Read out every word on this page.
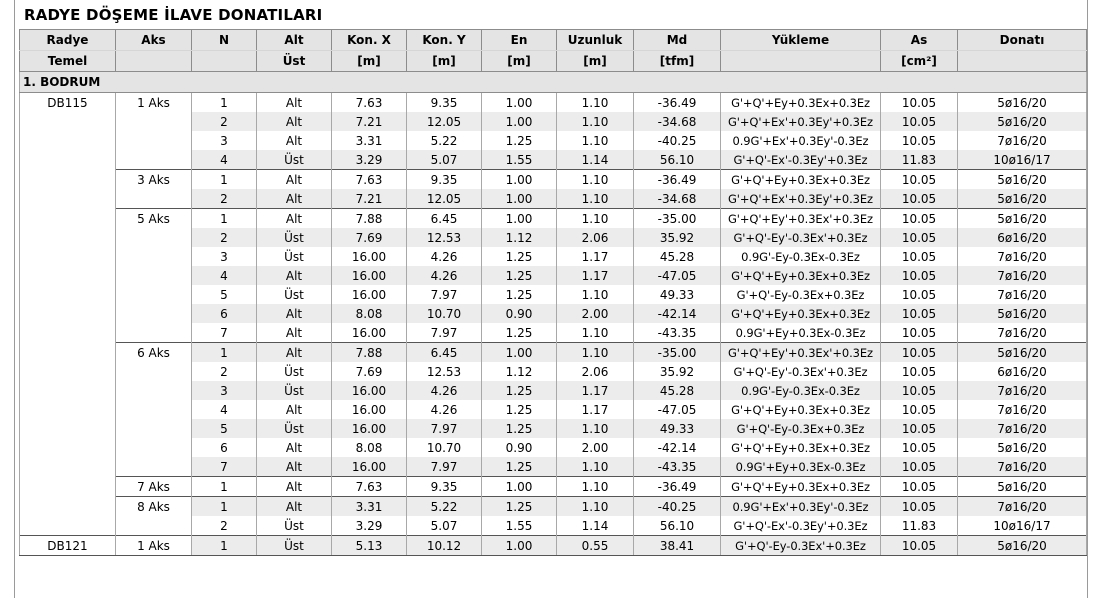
RADYE DÖŞEME İLAVE DONATILARI
Radye	Aks	N	Alt	Kon. X	Kon. Y	En	Uzunluk	Md	Yükleme	As	Donatı
Temel			Üst	[m]	[m]	[m]	[m]	[tfm]		[cm²]	
1. BODRUM											
DB115	1 Aks	1	Alt	7.63	9.35	1.00	1.10	-36.49	G'+Q'+Ey+0.3Ex+0.3Ez	10.05	5ø16/20
		2	Alt	7.21	12.05	1.00	1.10	-34.68	G'+Q'+Ex'+0.3Ey'+0.3Ez	10.05	5ø16/20
		3	Alt	3.31	5.22	1.25	1.10	-40.25	0.9G'+Ex'+0.3Ey'-0.3Ez	10.05	7ø16/20
		4	Üst	3.29	5.07	1.55	1.14	56.10	G'+Q'-Ex'-0.3Ey'+0.3Ez	11.83	10ø16/17
	3 Aks	1	Alt	7.63	9.35	1.00	1.10	-36.49	G'+Q'+Ey+0.3Ex+0.3Ez	10.05	5ø16/20
		2	Alt	7.21	12.05	1.00	1.10	-34.68	G'+Q'+Ex'+0.3Ey'+0.3Ez	10.05	5ø16/20
	5 Aks	1	Alt	7.88	6.45	1.00	1.10	-35.00	G'+Q'+Ey'+0.3Ex'+0.3Ez	10.05	5ø16/20
		2	Üst	7.69	12.53	1.12	2.06	35.92	G'+Q'-Ey'-0.3Ex'+0.3Ez	10.05	6ø16/20
		3	Üst	16.00	4.26	1.25	1.17	45.28	0.9G'-Ey-0.3Ex-0.3Ez	10.05	7ø16/20
		4	Alt	16.00	4.26	1.25	1.17	-47.05	G'+Q'+Ey+0.3Ex+0.3Ez	10.05	7ø16/20
		5	Üst	16.00	7.97	1.25	1.10	49.33	G'+Q'-Ey-0.3Ex+0.3Ez	10.05	7ø16/20
		6	Alt	8.08	10.70	0.90	2.00	-42.14	G'+Q'+Ey+0.3Ex+0.3Ez	10.05	5ø16/20
		7	Alt	16.00	7.97	1.25	1.10	-43.35	0.9G'+Ey+0.3Ex-0.3Ez	10.05	7ø16/20
	6 Aks	1	Alt	7.88	6.45	1.00	1.10	-35.00	G'+Q'+Ey'+0.3Ex'+0.3Ez	10.05	5ø16/20
		2	Üst	7.69	12.53	1.12	2.06	35.92	G'+Q'-Ey'-0.3Ex'+0.3Ez	10.05	6ø16/20
		3	Üst	16.00	4.26	1.25	1.17	45.28	0.9G'-Ey-0.3Ex-0.3Ez	10.05	7ø16/20
		4	Alt	16.00	4.26	1.25	1.17	-47.05	G'+Q'+Ey+0.3Ex+0.3Ez	10.05	7ø16/20
		5	Üst	16.00	7.97	1.25	1.10	49.33	G'+Q'-Ey-0.3Ex+0.3Ez	10.05	7ø16/20
		6	Alt	8.08	10.70	0.90	2.00	-42.14	G'+Q'+Ey+0.3Ex+0.3Ez	10.05	5ø16/20
		7	Alt	16.00	7.97	1.25	1.10	-43.35	0.9G'+Ey+0.3Ex-0.3Ez	10.05	7ø16/20
	7 Aks	1	Alt	7.63	9.35	1.00	1.10	-36.49	G'+Q'+Ey+0.3Ex+0.3Ez	10.05	5ø16/20
	8 Aks	1	Alt	3.31	5.22	1.25	1.10	-40.25	0.9G'+Ex'+0.3Ey'-0.3Ez	10.05	7ø16/20
		2	Üst	3.29	5.07	1.55	1.14	56.10	G'+Q'-Ex'-0.3Ey'+0.3Ez	11.83	10ø16/17
DB121	1 Aks	1	Üst	5.13	10.12	1.00	0.55	38.41	G'+Q'-Ey-0.3Ex'+0.3Ez	10.05	5ø16/20
